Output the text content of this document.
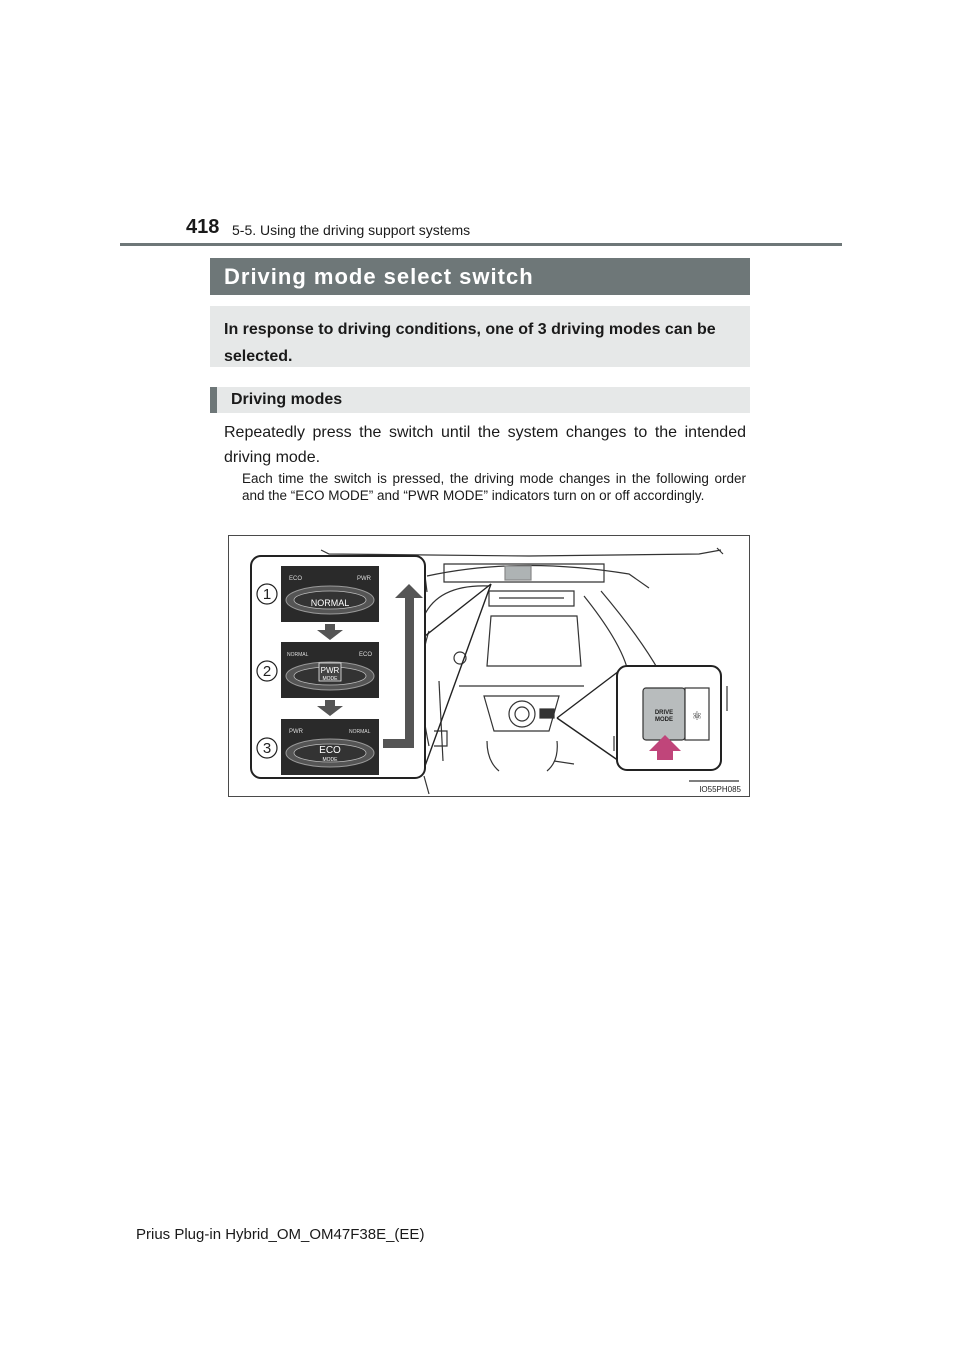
418 5-5. Using the driving support systems
Driving mode select switch

In response to driving conditions, one of 3 driving modes can be selected.

Driving modes

Repeatedly press the switch until the system changes to the intended driving mode.

Each time the switch is pressed, the driving mode changes in the following order and the “ECO MODE” and “PWR MODE” indicators turn on or off accordingly.

1
2
3
ECO	PWR
NORMAL
NORMAL	ECO
PWR
MODE
PWR	NORMAL
ECO
MODE
DRIVE
MODE ⚛
IO55PH085
Prius Plug-in Hybrid_OM_OM47F38E_(EE)
